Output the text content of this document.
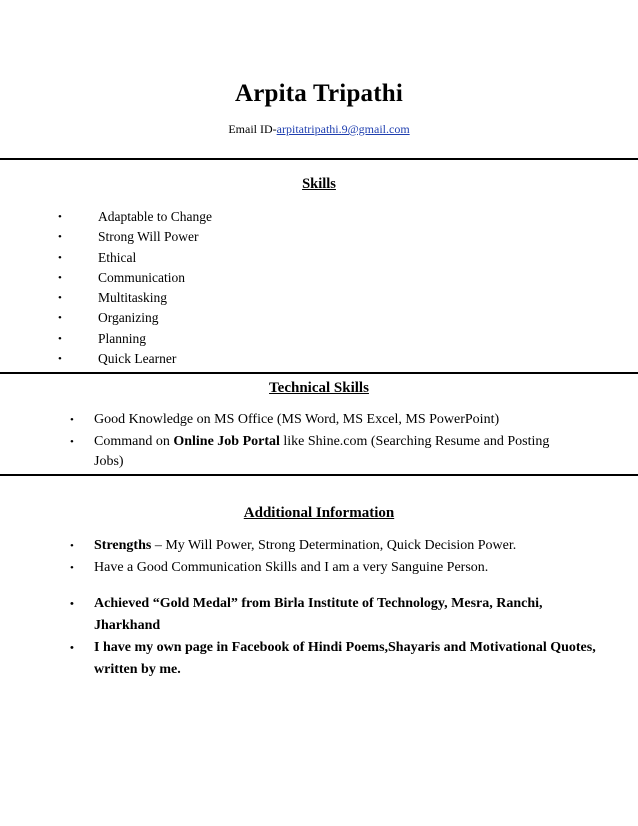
Arpita Tripathi
Email ID-arpitatripathi.9@gmail.com
Skills
•	Adaptable to Change
•	Strong Will Power
•	Ethical
•	Communication
•	Multitasking
•	Organizing
•	Planning
•	Quick Learner
Technical Skills
• Good Knowledge on MS Office (MS Word, MS Excel, MS PowerPoint)
• Command on Online Job Portal like Shine.com (Searching Resume and Posting Jobs)
Additional Information
• Strengths – My Will Power, Strong Determination, Quick Decision Power.
• Have a Good Communication Skills and I am a very Sanguine Person.
• Achieved “Gold Medal” from Birla Institute of Technology, Mesra, Ranchi, Jharkhand
• I have my own page in Facebook of Hindi Poems,Shayaris and Motivational Quotes, written by me.
